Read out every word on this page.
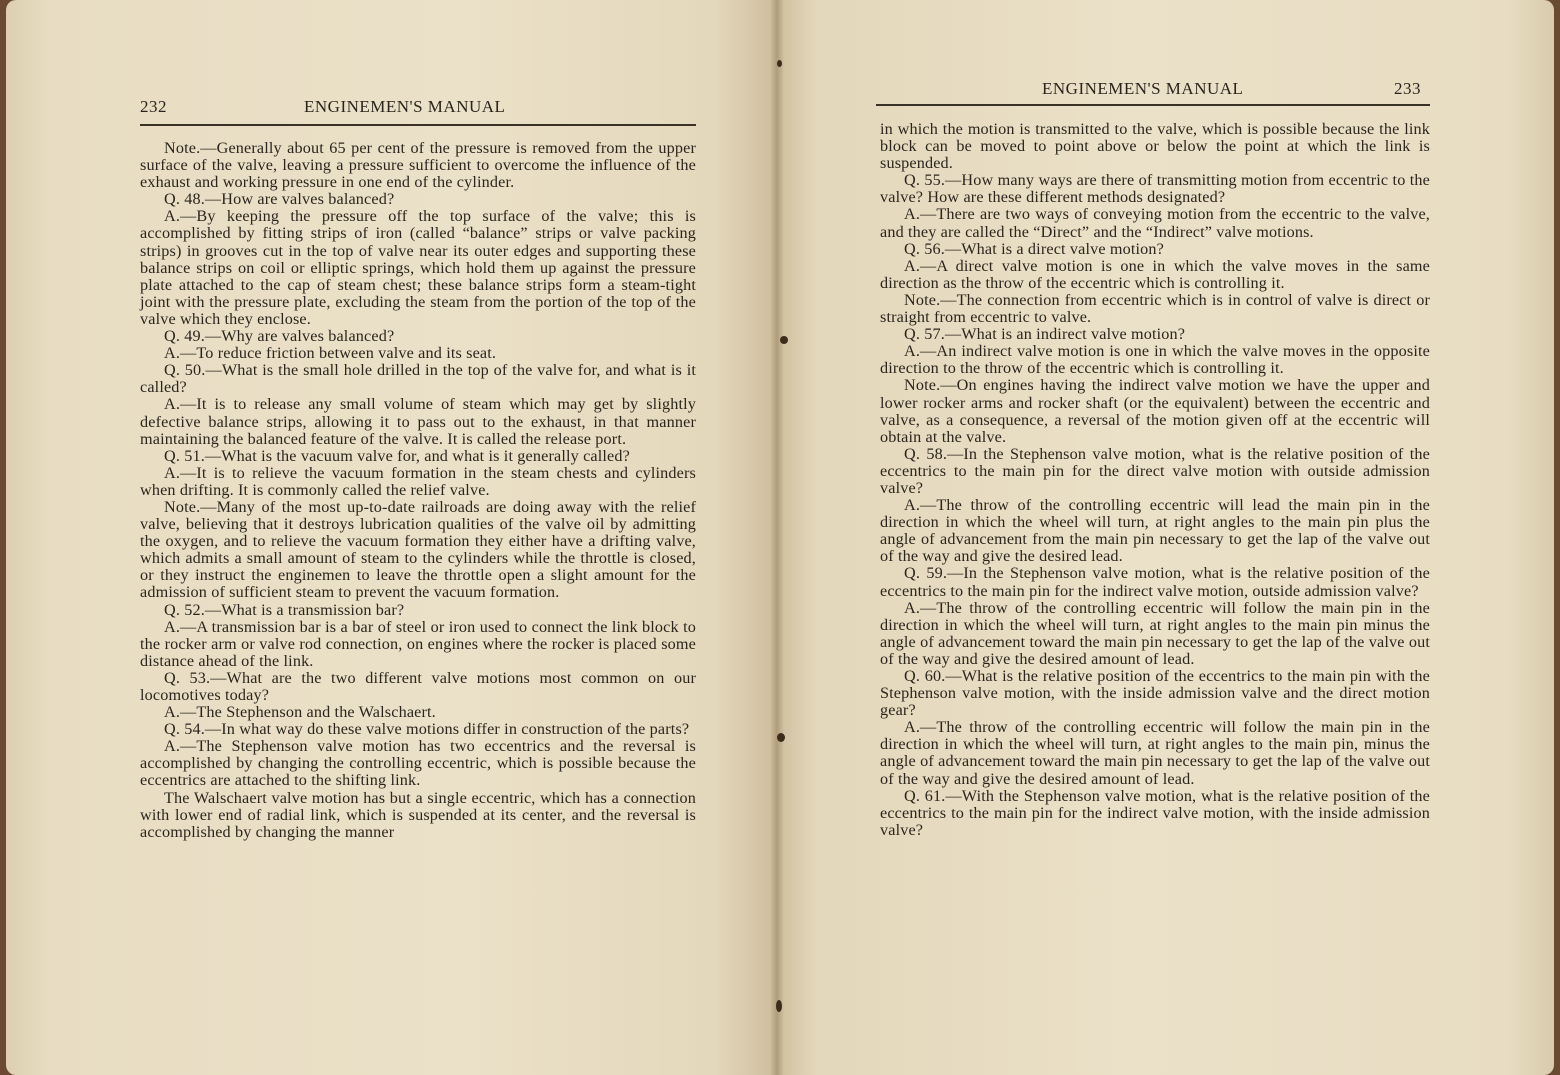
232	ENGINEMEN'S MANUAL

Note.—Generally about 65 per cent of the pressure is removed from the upper surface of the valve, leaving a pressure sufficient to overcome the influence of the exhaust and working pressure in one end of the cylinder.

Q. 48.—How are valves balanced?

A.—By keeping the pressure off the top surface of the valve; this is accomplished by fitting strips of iron (called “balance” strips or valve packing strips) in grooves cut in the top of valve near its outer edges and supporting these balance strips on coil or elliptic springs, which hold them up against the pressure plate attached to the cap of steam chest; these balance strips form a steam-tight joint with the pressure plate, excluding the steam from the portion of the top of the valve which they enclose.

Q. 49.—Why are valves balanced?

A.—To reduce friction between valve and its seat.

Q. 50.—What is the small hole drilled in the top of the valve for, and what is it called?

A.—It is to release any small volume of steam which may get by slightly defective balance strips, allowing it to pass out to the exhaust, in that manner maintaining the balanced feature of the valve. It is called the release port.

Q. 51.—What is the vacuum valve for, and what is it generally called?

A.—It is to relieve the vacuum formation in the steam chests and cylinders when drifting. It is commonly called the relief valve.

Note.—Many of the most up-to-date railroads are doing away with the relief valve, believing that it destroys lubrication qualities of the valve oil by admitting the oxygen, and to relieve the vacuum formation they either have a drifting valve, which admits a small amount of steam to the cylinders while the throttle is closed, or they instruct the enginemen to leave the throttle open a slight amount for the admission of sufficient steam to prevent the vacuum formation.

Q. 52.—What is a transmission bar?

A.—A transmission bar is a bar of steel or iron used to connect the link block to the rocker arm or valve rod connection, on engines where the rocker is placed some distance ahead of the link.

Q. 53.—What are the two different valve motions most common on our locomotives today?

A.—The Stephenson and the Walschaert.

Q. 54.—In what way do these valve motions differ in construction of the parts?

A.—The Stephenson valve motion has two eccentrics and the reversal is accomplished by changing the controlling eccentric, which is possible because the eccentrics are attached to the shifting link.

The Walschaert valve motion has but a single eccentric, which has a connection with lower end of radial link, which is suspended at its center, and the reversal is accomplished by changing the manner

ENGINEMEN'S MANUAL	233

in which the motion is transmitted to the valve, which is possible because the link block can be moved to point above or below the point at which the link is suspended.

Q. 55.—How many ways are there of transmitting motion from eccentric to the valve? How are these different methods designated?

A.—There are two ways of conveying motion from the eccentric to the valve, and they are called the “Direct” and the “Indirect” valve motions.

Q. 56.—What is a direct valve motion?

A.—A direct valve motion is one in which the valve moves in the same direction as the throw of the eccentric which is controlling it.

Note.—The connection from eccentric which is in control of valve is direct or straight from eccentric to valve.

Q. 57.—What is an indirect valve motion?

A.—An indirect valve motion is one in which the valve moves in the opposite direction to the throw of the eccentric which is controlling it.

Note.—On engines having the indirect valve motion we have the upper and lower rocker arms and rocker shaft (or the equivalent) between the eccentric and valve, as a consequence, a reversal of the motion given off at the eccentric will obtain at the valve.

Q. 58.—In the Stephenson valve motion, what is the relative position of the eccentrics to the main pin for the direct valve motion with outside admission valve?

A.—The throw of the controlling eccentric will lead the main pin in the direction in which the wheel will turn, at right angles to the main pin plus the angle of advancement from the main pin necessary to get the lap of the valve out of the way and give the desired lead.

Q. 59.—In the Stephenson valve motion, what is the relative position of the eccentrics to the main pin for the indirect valve motion, outside admission valve?

A.—The throw of the controlling eccentric will follow the main pin in the direction in which the wheel will turn, at right angles to the main pin minus the angle of advancement toward the main pin necessary to get the lap of the valve out of the way and give the desired amount of lead.

Q. 60.—What is the relative position of the eccentrics to the main pin with the Stephenson valve motion, with the inside admission valve and the direct motion gear?

A.—The throw of the controlling eccentric will follow the main pin in the direction in which the wheel will turn, at right angles to the main pin, minus the angle of advancement toward the main pin necessary to get the lap of the valve out of the way and give the desired amount of lead.

Q. 61.—With the Stephenson valve motion, what is the relative position of the eccentrics to the main pin for the indirect valve motion, with the inside admission valve?
